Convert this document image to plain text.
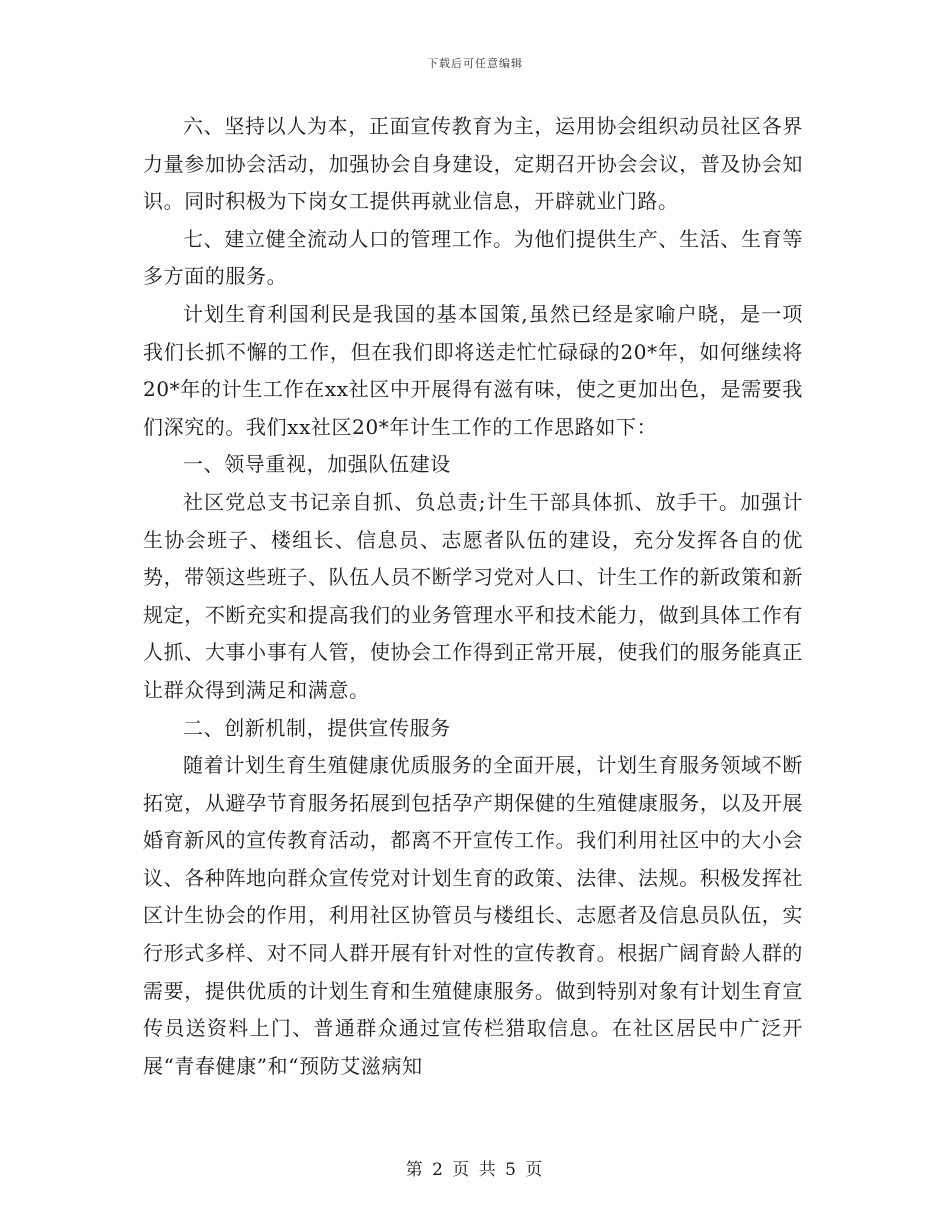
下载后可任意编辑

六、坚持以人为本，正面宣传教育为主，运用协会组织动员社区各界力量参加协会活动，加强协会自身建设，定期召开协会会议，普及协会知识。同时积极为下岗女工提供再就业信息，开辟就业门路。

七、建立健全流动人口的管理工作。为他们提供生产、生活、生育等多方面的服务。

计划生育利国利民是我国的基本国策,虽然已经是家喻户晓，是一项我们长抓不懈的工作，但在我们即将送走忙忙碌碌的20*年，如何继续将20*年的计生工作在xx社区中开展得有滋有味，使之更加出色，是需要我们深究的。我们xx社区20*年计生工作的工作思路如下：

一、领导重视，加强队伍建设

社区党总支书记亲自抓、负总责;计生干部具体抓、放手干。加强计生协会班子、楼组长、信息员、志愿者队伍的建设，充分发挥各自的优势，带领这些班子、队伍人员不断学习党对人口、计生工作的新政策和新规定，不断充实和提高我们的业务管理水平和技术能力，做到具体工作有人抓、大事小事有人管，使协会工作得到正常开展，使我们的服务能真正让群众得到满足和满意。

二、创新机制，提供宣传服务

随着计划生育生殖健康优质服务的全面开展，计划生育服务领域不断拓宽，从避孕节育服务拓展到包括孕产期保健的生殖健康服务，以及开展婚育新风的宣传教育活动，都离不开宣传工作。我们利用社区中的大小会议、各种阵地向群众宣传党对计划生育的政策、法律、法规。积极发挥社区计生协会的作用，利用社区协管员与楼组长、志愿者及信息员队伍，实行形式多样、对不同人群开展有针对性的宣传教育。根据广阔育龄人群的需要，提供优质的计划生育和生殖健康服务。做到特别对象有计划生育宣传员送资料上门、普通群众通过宣传栏猎取信息。在社区居民中广泛开展“青春健康”和“预防艾滋病知

第 2 页 共 5 页
